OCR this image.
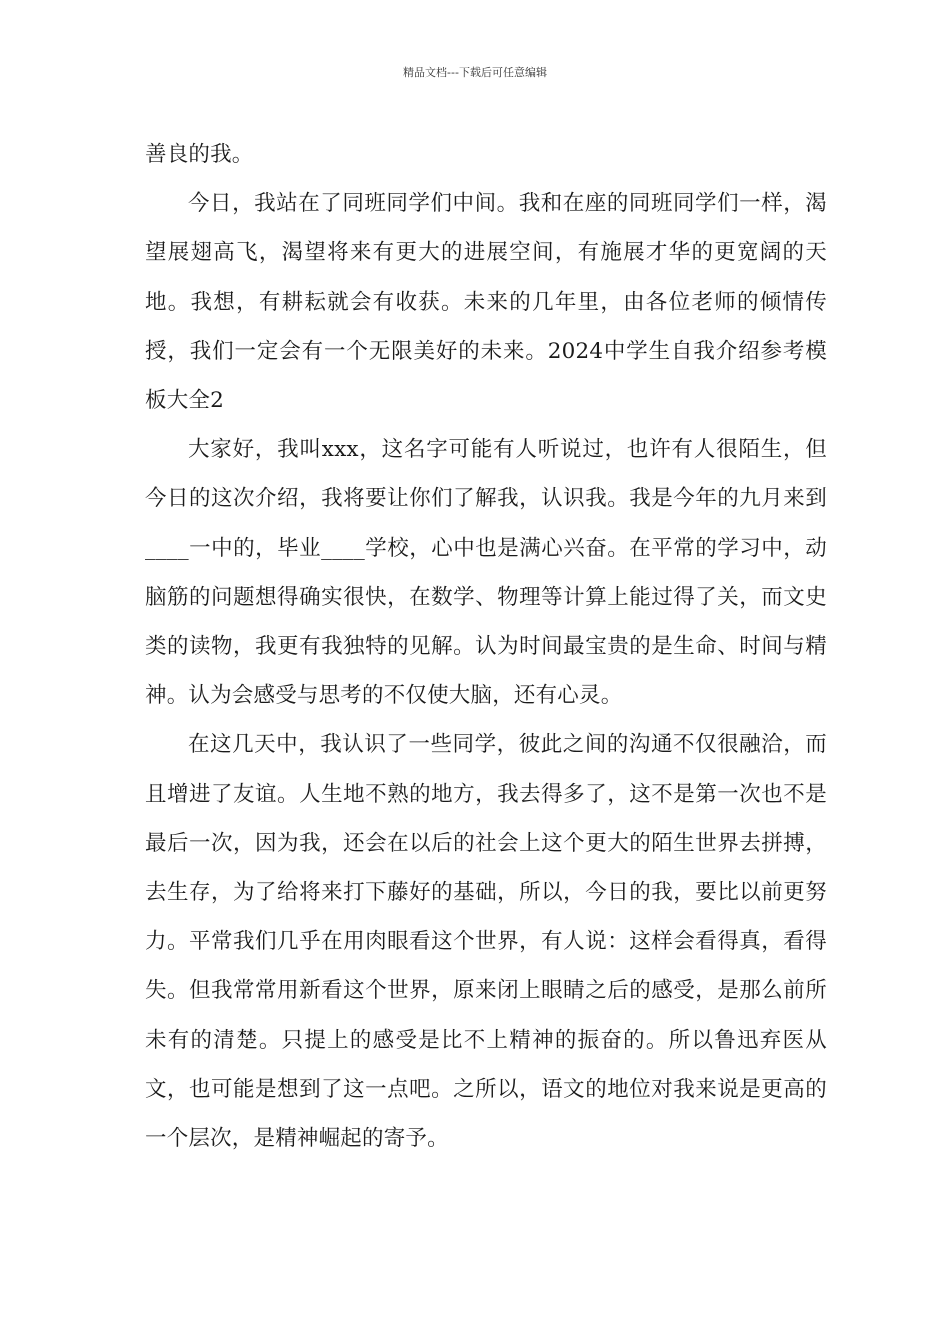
精品文档---下载后可任意编辑

善良的我。

今日，我站在了同班同学们中间。我和在座的同班同学们一样，渴望展翅高飞，渴望将来有更大的进展空间，有施展才华的更宽阔的天地。我想，有耕耘就会有收获。未来的几年里，由各位老师的倾情传授，我们一定会有一个无限美好的未来。2024中学生自我介绍参考模板大全2

大家好，我叫xxx，这名字可能有人听说过，也许有人很陌生，但今日的这次介绍，我将要让你们了解我，认识我。我是今年的九月来到____一中的，毕业____学校，心中也是满心兴奋。在平常的学习中，动脑筋的问题想得确实很快，在数学、物理等计算上能过得了关，而文史类的读物，我更有我独特的见解。认为时间最宝贵的是生命、时间与精神。认为会感受与思考的不仅使大脑，还有心灵。

在这几天中，我认识了一些同学，彼此之间的沟通不仅很融洽，而且增进了友谊。人生地不熟的地方，我去得多了，这不是第一次也不是最后一次，因为我，还会在以后的社会上这个更大的陌生世界去拼搏，去生存，为了给将来打下藤好的基础，所以，今日的我，要比以前更努力。平常我们几乎在用肉眼看这个世界，有人说：这样会看得真，看得失。但我常常用新看这个世界，原来闭上眼睛之后的感受，是那么前所未有的清楚。只提上的感受是比不上精神的振奋的。所以鲁迅弃医从文，也可能是想到了这一点吧。之所以，语文的地位对我来说是更高的一个层次，是精神崛起的寄予。
